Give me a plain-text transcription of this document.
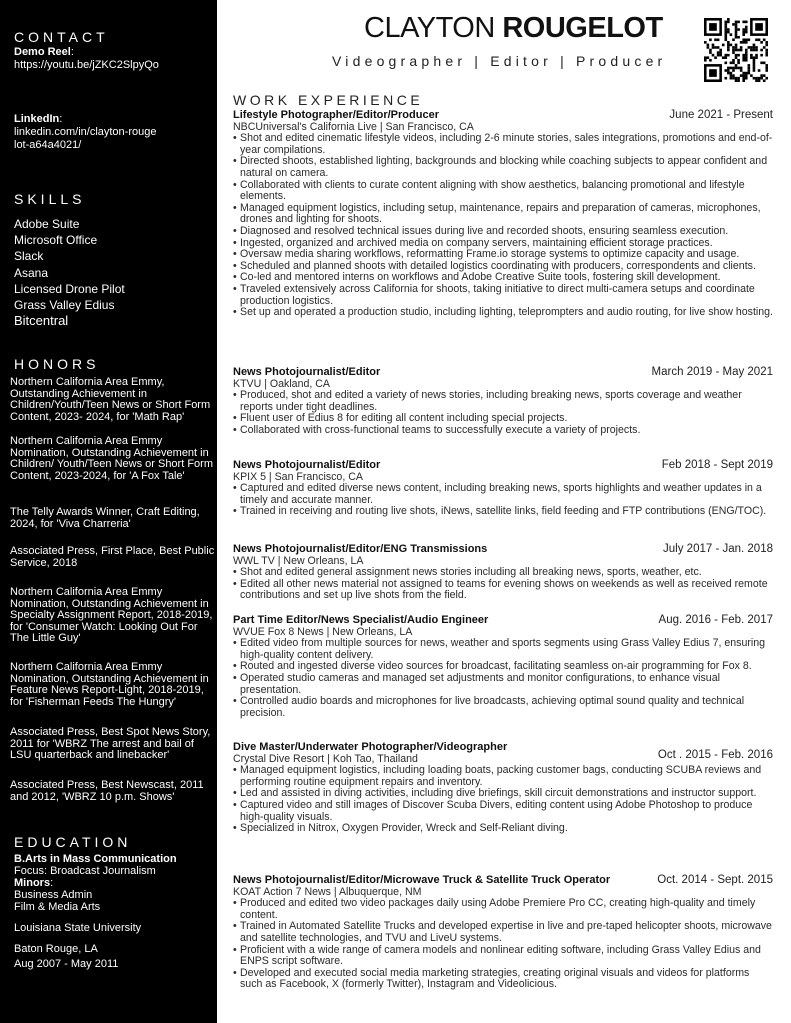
CONTACT
Demo Reel:
https://youtu.be/jZKC2SlpyQo
LinkedIn:
linkedin.com/in/clayton-rouge
lot-a64a4021/
SKILLS
Adobe Suite
Microsoft Office
Slack
Asana
Licensed Drone Pilot
Grass Valley Edius
Bitcentral
HONORS
Northern California Area Emmy, Outstanding Achievement in Children/Youth/Teen News or Short Form Content, 2023- 2024, for 'Math Rap'
Northern California Area Emmy Nomination, Outstanding Achievement in Children/ Youth/Teen News or Short Form Content, 2023-2024, for 'A Fox Tale'
The Telly Awards Winner, Craft Editing, 2024, for 'Viva Charreria'
Associated Press, First Place, Best Public Service, 2018
Northern California Area Emmy Nomination, Outstanding Achievement in Specialty Assignment Report, 2018-2019, for 'Consumer Watch: Looking Out For The Little Guy'
Northern California Area Emmy Nomination, Outstanding Achievement in Feature News Report-Light, 2018-2019, for 'Fisherman Feeds The Hungry'
Associated Press, Best Spot News Story, 2011 for 'WBRZ The arrest and bail of LSU quarterback and linebacker'
Associated Press, Best Newscast, 2011 and 2012, 'WBRZ 10 p.m. Shows'
EDUCATION
B.Arts in Mass Communication
Focus: Broadcast Journalism
Minors:
Business Admin
Film & Media Arts
Louisiana State University
Baton Rouge, LA
Aug 2007 - May 2011
CLAYTON ROUGELOT
Videographer | Editor | Producer
WORK EXPERIENCE
Lifestyle Photographer/Editor/Producer	June 2021 - Present
NBCUniversal's California Live | San Francisco, CA
• Shot and edited cinematic lifestyle videos, including 2-6 minute stories, sales integrations, promotions and end-of-year compilations.
• Directed shoots, established lighting, backgrounds and blocking while coaching subjects to appear confident and natural on camera.
• Collaborated with clients to curate content aligning with show aesthetics, balancing promotional and lifestyle elements.
• Managed equipment logistics, including setup, maintenance, repairs and preparation of cameras, microphones, drones and lighting for shoots.
• Diagnosed and resolved technical issues during live and recorded shoots, ensuring seamless execution.
• Ingested, organized and archived media on company servers, maintaining efficient storage practices.
• Oversaw media sharing workflows, reformatting Frame.io storage systems to optimize capacity and usage.
• Scheduled and planned shoots with detailed logistics coordinating with producers, correspondents and clients.
• Co-led and mentored interns on workflows and Adobe Creative Suite tools, fostering skill development.
• Traveled extensively across California for shoots, taking initiative to direct multi-camera setups and coordinate production logistics.
• Set up and operated a production studio, including lighting, teleprompters and audio routing, for live show hosting.
News Photojournalist/Editor	March 2019 - May 2021
KTVU | Oakland, CA
• Produced, shot and edited a variety of news stories, including breaking news, sports coverage and weather reports under tight deadlines.
• Fluent user of Edius 8 for editing all content including special projects.
• Collaborated with cross-functional teams to successfully execute a variety of projects.
News Photojournalist/Editor	Feb 2018 - Sept 2019
KPIX 5 | San Francisco, CA
• Captured and edited diverse news content, including breaking news, sports highlights and weather updates in a timely and accurate manner.
• Trained in receiving and routing live shots, iNews, satellite links, field feeding and FTP contributions (ENG/TOC).
News Photojournalist/Editor/ENG Transmissions	July 2017 - Jan. 2018
WWL TV | New Orleans, LA
• Shot and edited general assignment news stories including all breaking news, sports, weather, etc.
• Edited all other news material not assigned to teams for evening shows on weekends as well as received remote contributions and set up live shots from the field.
Part Time Editor/News Specialist/Audio Engineer	Aug. 2016 - Feb. 2017
WVUE Fox 8 News | New Orleans, LA
• Edited video from multiple sources for news, weather and sports segments using Grass Valley Edius 7, ensuring high-quality content delivery.
• Routed and ingested diverse video sources for broadcast, facilitating seamless on-air programming for Fox 8.
• Operated studio cameras and managed set adjustments and monitor configurations, to enhance visual presentation.
• Controlled audio boards and microphones for live broadcasts, achieving optimal sound quality and technical precision.
Dive Master/Underwater Photographer/Videographer
Oct . 2015 - Feb. 2016
Crystal Dive Resort | Koh Tao, Thailand
• Managed equipment logistics, including loading boats, packing customer bags, conducting SCUBA reviews and performing routine equipment repairs and inventory.
• Led and assisted in diving activities, including dive briefings, skill circuit demonstrations and instructor support.
• Captured video and still images of Discover Scuba Divers, editing content using Adobe Photoshop to produce high-quality visuals.
• Specialized in Nitrox, Oxygen Provider, Wreck and Self-Reliant diving.
News Photojournalist/Editor/Microwave Truck & Satellite Truck Operator	Oct. 2014 - Sept. 2015
KOAT Action 7 News | Albuquerque, NM
• Produced and edited two video packages daily using Adobe Premiere Pro CC, creating high-quality and timely content.
• Trained in Automated Satellite Trucks and developed expertise in live and pre-taped helicopter shoots, microwave and satellite technologies, and TVU and LiveU systems.
• Proficient with a wide range of camera models and nonlinear editing software, including Grass Valley Edius and ENPS script software.
• Developed and executed social media marketing strategies, creating original visuals and videos for platforms such as Facebook, X (formerly Twitter), Instagram and Videolicious.
